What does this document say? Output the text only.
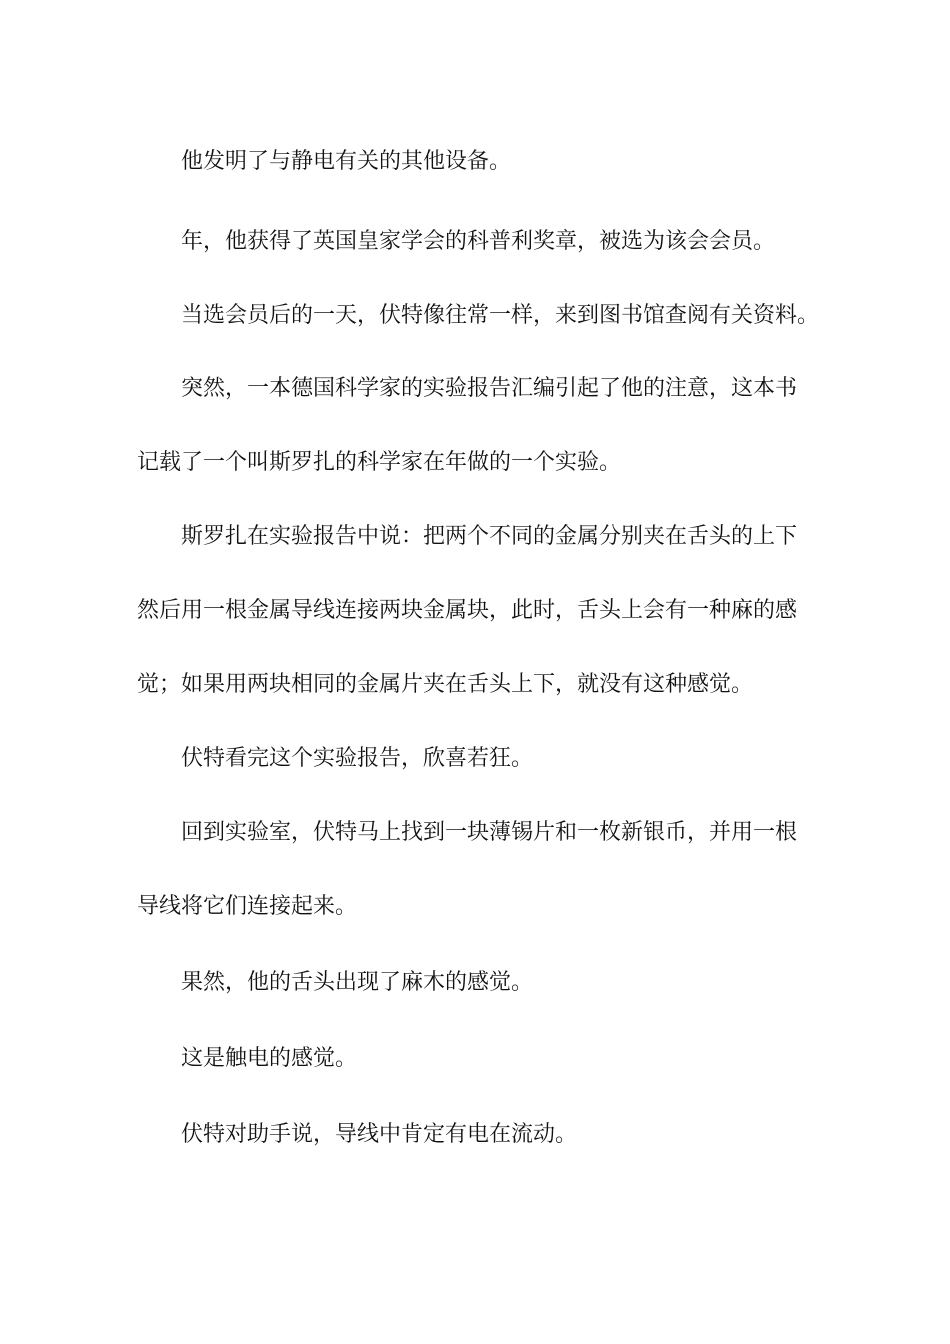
他发明了与静电有关的其他设备。
年，他获得了英国皇家学会的科普利奖章，被选为该会会员。
当选会员后的一天，伏特像往常一样，来到图书馆查阅有关资料。
突然，一本德国科学家的实验报告汇编引起了他的注意，这本书
记载了一个叫斯罗扎的科学家在年做的一个实验。
斯罗扎在实验报告中说：把两个不同的金属分别夹在舌头的上下
然后用一根金属导线连接两块金属块，此时，舌头上会有一种麻的感
觉；如果用两块相同的金属片夹在舌头上下，就没有这种感觉。
伏特看完这个实验报告，欣喜若狂。
回到实验室，伏特马上找到一块薄锡片和一枚新银币，并用一根
导线将它们连接起来。
果然，他的舌头出现了麻木的感觉。
这是触电的感觉。
伏特对助手说，导线中肯定有电在流动。
